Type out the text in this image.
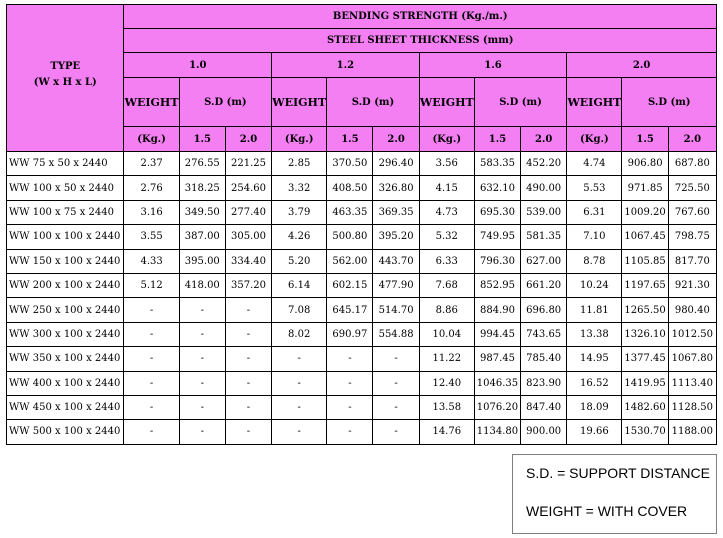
TYPE
(W x H x L)	BENDING STRENGTH (Kg./m.)											
	STEEL SHEET THICKNESS (mm)											
	1.0			1.2			1.6			2.0		
	WEIGHT	S.D (m)		WEIGHT	S.D (m)		WEIGHT	S.D (m)		WEIGHT	S.D (m)	
	(Kg.)	1.5	2.0	(Kg.)	1.5	2.0	(Kg.)	1.5	2.0	(Kg.)	1.5	2.0
WW 75 x 50 x 2440	2.37	276.55	221.25	2.85	370.50	296.40	3.56	583.35	452.20	4.74	906.80	687.80
WW 100 x 50 x 2440	2.76	318.25	254.60	3.32	408.50	326.80	4.15	632.10	490.00	5.53	971.85	725.50
WW 100 x 75 x 2440	3.16	349.50	277.40	3.79	463.35	369.35	4.73	695.30	539.00	6.31	1009.20	767.60
WW 100 x 100 x 2440	3.55	387.00	305.00	4.26	500.80	395.20	5.32	749.95	581.35	7.10	1067.45	798.75
WW 150 x 100 x 2440	4.33	395.00	334.40	5.20	562.00	443.70	6.33	796.30	627.00	8.78	1105.85	817.70
WW 200 x 100 x 2440	5.12	418.00	357.20	6.14	602.15	477.90	7.68	852.95	661.20	10.24	1197.65	921.30
WW 250 x 100 x 2440	-	-	-	7.08	645.17	514.70	8.86	884.90	696.80	11.81	1265.50	980.40
WW 300 x 100 x 2440	-	-	-	8.02	690.97	554.88	10.04	994.45	743.65	13.38	1326.10	1012.50
WW 350 x 100 x 2440	-	-	-	-	-	-	11.22	987.45	785.40	14.95	1377.45	1067.80
WW 400 x 100 x 2440	-	-	-	-	-	-	12.40	1046.35	823.90	16.52	1419.95	1113.40
WW 450 x 100 x 2440	-	-	-	-	-	-	13.58	1076.20	847.40	18.09	1482.60	1128.50
WW 500 x 100 x 2440	-	-	-	-	-	-	14.76	1134.80	900.00	19.66	1530.70	1188.00
S.D. = SUPPORT DISTANCE
WEIGHT = WITH COVER
